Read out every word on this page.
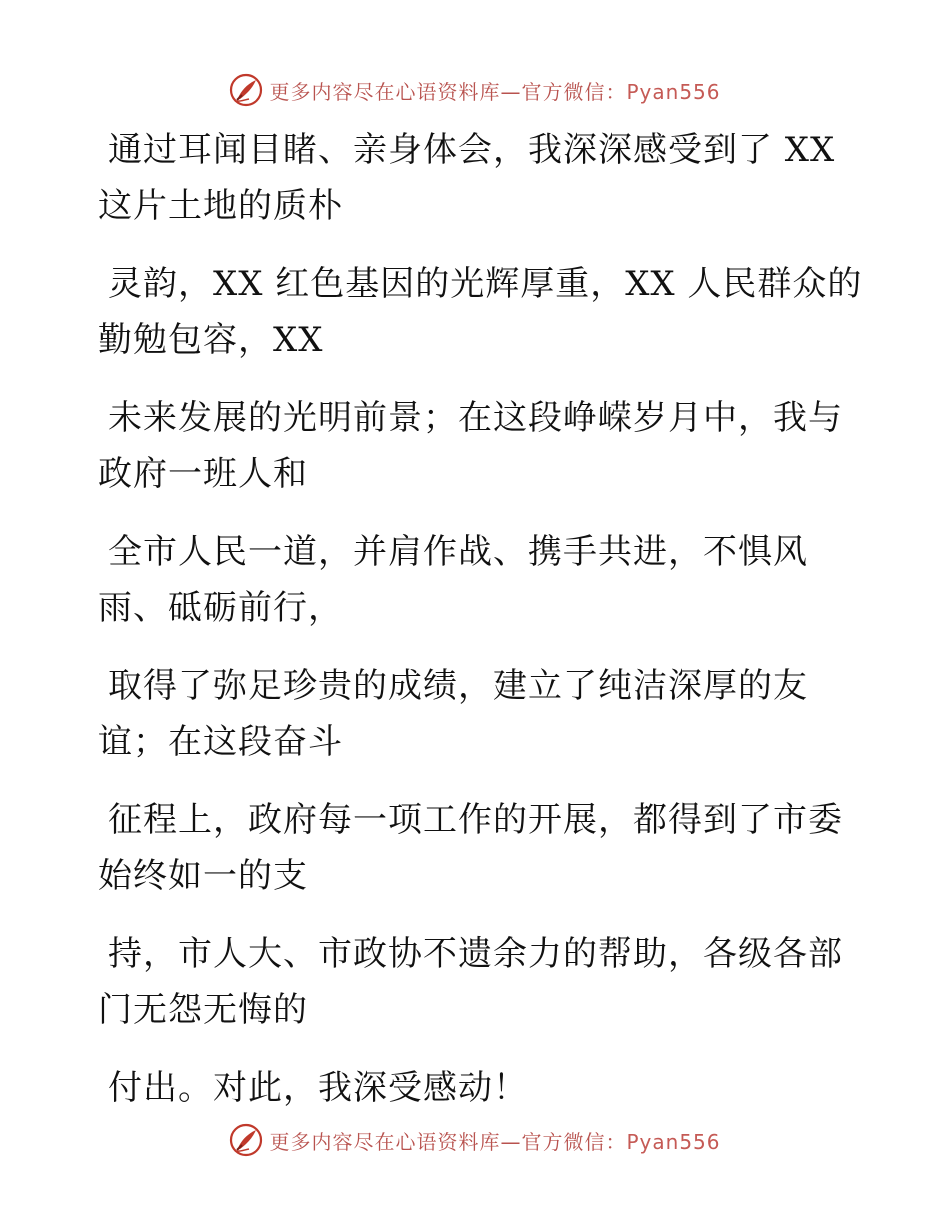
更多内容尽在心语资料库—官方微信：Pyan556
通过耳闻目睹、亲身体会，我深深感受到了 XX
这片土地的质朴
灵韵，XX 红色基因的光辉厚重，XX 人民群众的
勤勉包容，XX
未来发展的光明前景；在这段峥嵘岁月中，我与
政府一班人和
全市人民一道，并肩作战、携手共进，不惧风
雨、砥砺前行，
取得了弥足珍贵的成绩，建立了纯洁深厚的友
谊；在这段奋斗
征程上，政府每一项工作的开展，都得到了市委
始终如一的支
持，市人大、市政协不遗余力的帮助，各级各部
门无怨无悔的
付出。对此，我深受感动！
更多内容尽在心语资料库—官方微信：Pyan556
